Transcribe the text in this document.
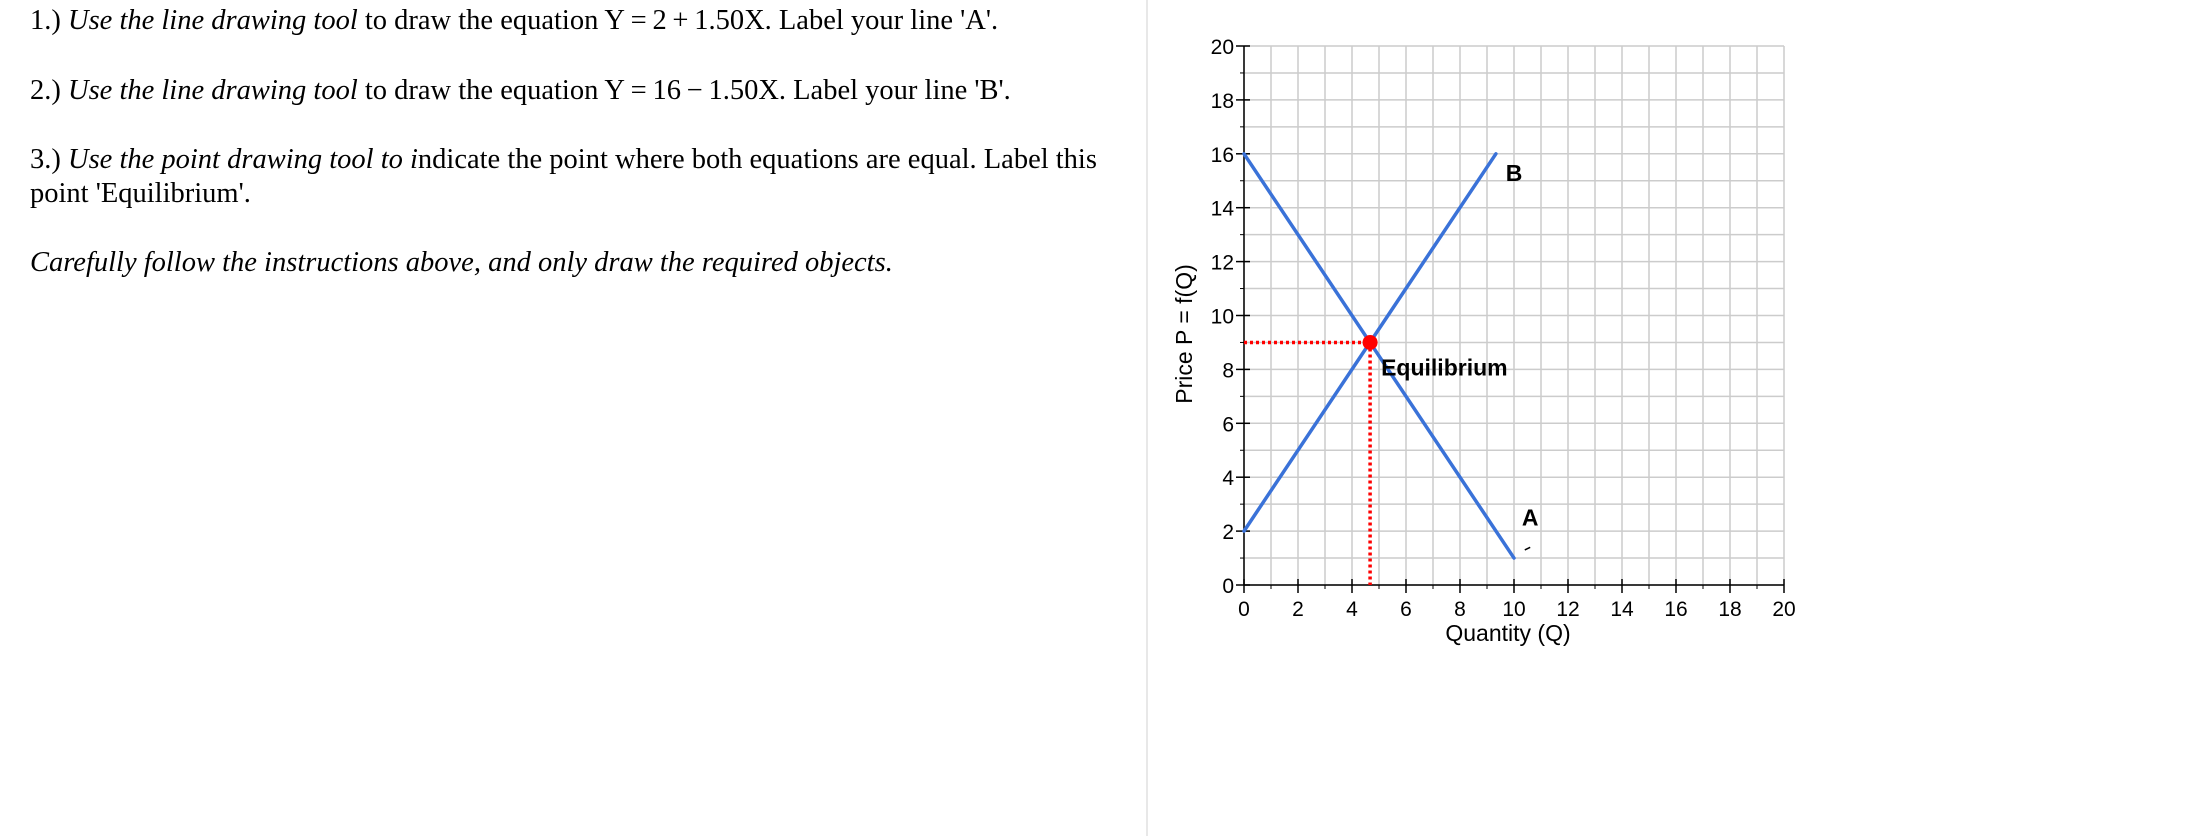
1.) Use the line drawing tool to draw the equation Y = 2 + 1.50X. Label your line 'A'.

2.) Use the line drawing tool to draw the equation Y = 16 − 1.50X. Label your line 'B'.

3.) Use the point drawing tool to indicate the point where both equations are equal. Label this point 'Equilibrium'.

Carefully follow the instructions above, and only draw the required objects.

0
2
4
6
8
10
12
14
16
18
20
0 2 4 6 8 10 12 14 16 18 20
A
B
Equilibrium
Quantity (Q)
Price P = f(Q)
